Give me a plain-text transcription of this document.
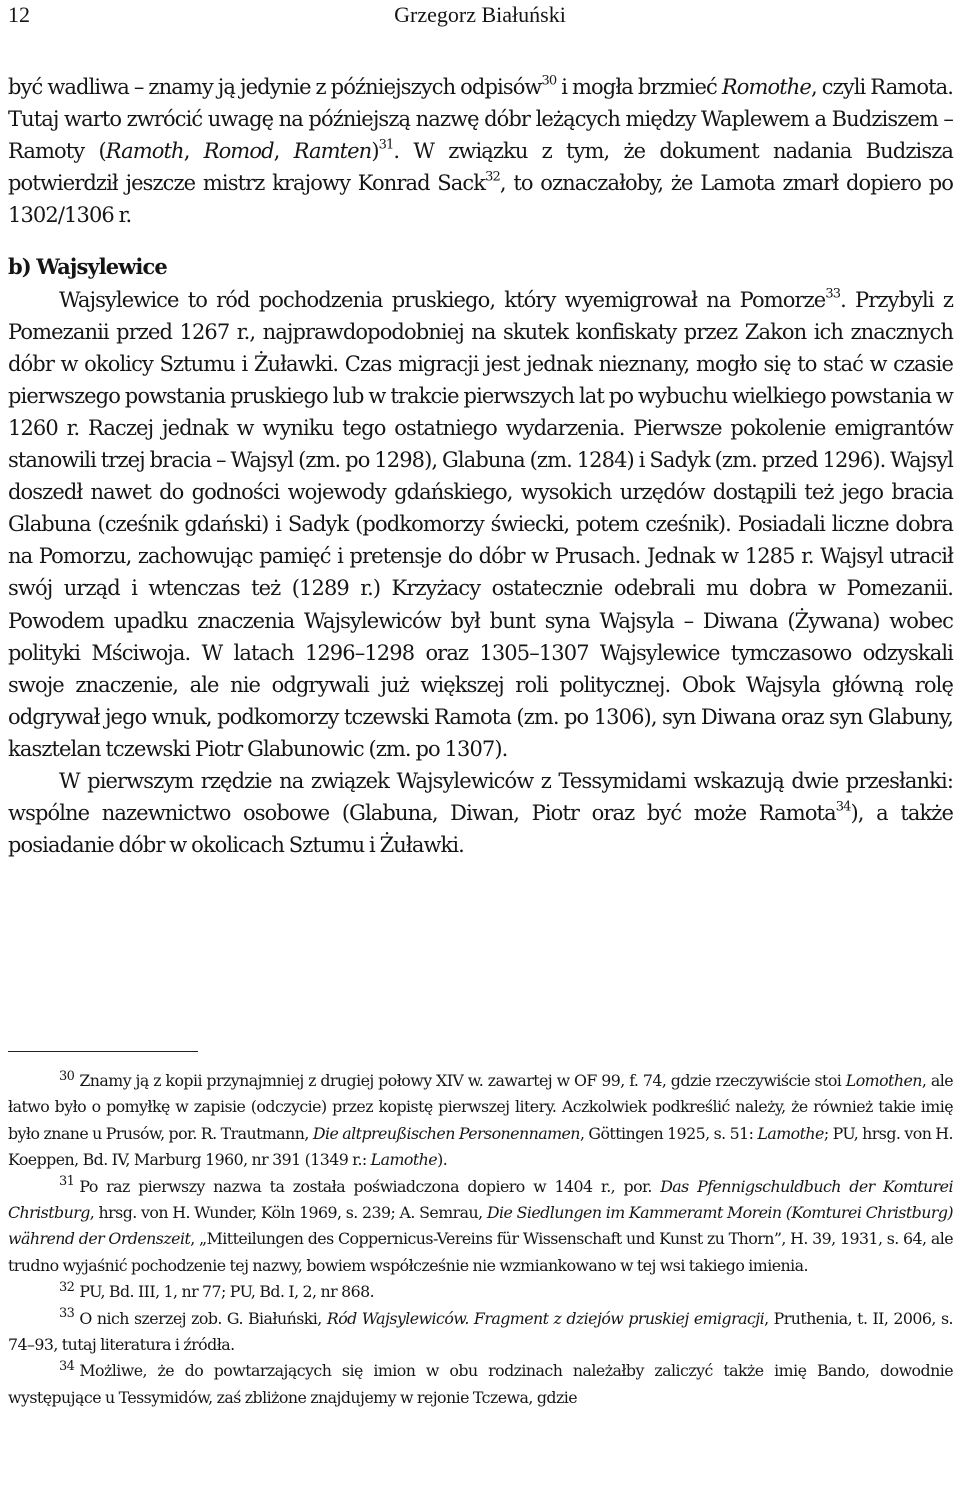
12	Grzegorz Białuński

być wadliwa – znamy ją jedynie z późniejszych odpisów$^{30}$ i mogła brzmieć Romothe, czyli Ramota. Tutaj warto zwrócić uwagę na późniejszą nazwę dóbr leżących między Waplewem a Budziszem – Ramoty (Ramoth, Romod, Ramten)$^{31}$. W związku z tym, że dokument nadania Budzisza potwierdził jeszcze mistrz krajowy Konrad Sack$^{32}$, to oznaczałoby, że Lamota zmarł dopiero po 1302/1306 r.

b) Wajsylewice

Wajsylewice to ród pochodzenia pruskiego, który wyemigrował na Pomorze$^{33}$. Przybyli z Pomezanii przed 1267 r., najprawdopodobniej na skutek konfiskaty przez Zakon ich znacznych dóbr w okolicy Sztumu i Żuławki. Czas migracji jest jednak nieznany, mogło się to stać w czasie pierwszego powstania pruskiego lub w trakcie pierwszych lat po wybuchu wielkiego powstania w 1260 r. Raczej jednak w wyniku tego ostatniego wydarzenia. Pierwsze pokolenie emigrantów stanowili trzej bracia – Wajsyl (zm. po 1298), Glabuna (zm. 1284) i Sadyk (zm. przed 1296). Wajsyl doszedł nawet do godności wojewody gdańskiego, wysokich urzędów dostąpili też jego bracia Glabuna (cześnik gdański) i Sadyk (podkomorzy świecki, potem cześnik). Posiadali liczne dobra na Pomorzu, zachowując pamięć i pretensje do dóbr w Prusach. Jednak w 1285 r. Wajsyl utracił swój urząd i wtenczas też (1289 r.) Krzyżacy ostatecznie odebrali mu dobra w Pomezanii. Powodem upadku znaczenia Wajsylewiców był bunt syna Wajsyla – Diwana (Żywana) wobec polityki Mściwoja. W latach 1296–1298 oraz 1305–1307 Wajsylewice tymczasowo odzyskali swoje znaczenie, ale nie odgrywali już większej roli politycznej. Obok Wajsyla główną rolę odgrywał jego wnuk, podkomorzy tczewski Ramota (zm. po 1306), syn Diwana oraz syn Glabuny, kasztelan tczewski Piotr Glabunowic (zm. po 1307).

W pierwszym rzędzie na związek Wajsylewiców z Tessymidami wskazują dwie przesłanki: wspólne nazewnictwo osobowe (Glabuna, Diwan, Piotr oraz być może Ramota$^{34}$), a także posiadanie dóbr w okolicach Sztumu i Żuławki.

$^{30}$ Znamy ją z kopii przynajmniej z drugiej połowy XIV w. zawartej w OF 99, f. 74, gdzie rzeczywiście stoi Lomothen, ale łatwo było o pomyłkę w zapisie (odczycie) przez kopistę pierwszej litery. Aczkolwiek podkreślić należy, że również takie imię było znane u Prusów, por. R. Trautmann, Die altpreußischen Personennamen, Göttingen 1925, s. 51: Lamothe; PU, hrsg. von H. Koeppen, Bd. IV, Marburg 1960, nr 391 (1349 r.: Lamothe).

$^{31}$ Po raz pierwszy nazwa ta została poświadczona dopiero w 1404 r., por. Das Pfennigschuldbuch der Komturei Christburg, hrsg. von H. Wunder, Köln 1969, s. 239; A. Semrau, Die Siedlungen im Kammeramt Morein (Komturei Christburg) während der Ordenszeit, „Mitteilungen des Coppernicus-Vereins für Wissenschaft und Kunst zu Thorn”, H. 39, 1931, s. 64, ale trudno wyjaśnić pochodzenie tej nazwy, bowiem współcześnie nie wzmiankowano w tej wsi takiego imienia.

$^{32}$ PU, Bd. III, 1, nr 77; PU, Bd. I, 2, nr 868.

$^{33}$ O nich szerzej zob. G. Białuński, Ród Wajsylewiców. Fragment z dziejów pruskiej emigracji, Pruthenia, t. II, 2006, s. 74–93, tutaj literatura i źródła.

$^{34}$ Możliwe, że do powtarzających się imion w obu rodzinach należałby zaliczyć także imię Bando, dowodnie występujące u Tessymidów, zaś zbliżone znajdujemy w rejonie Tczewa, gdzie
